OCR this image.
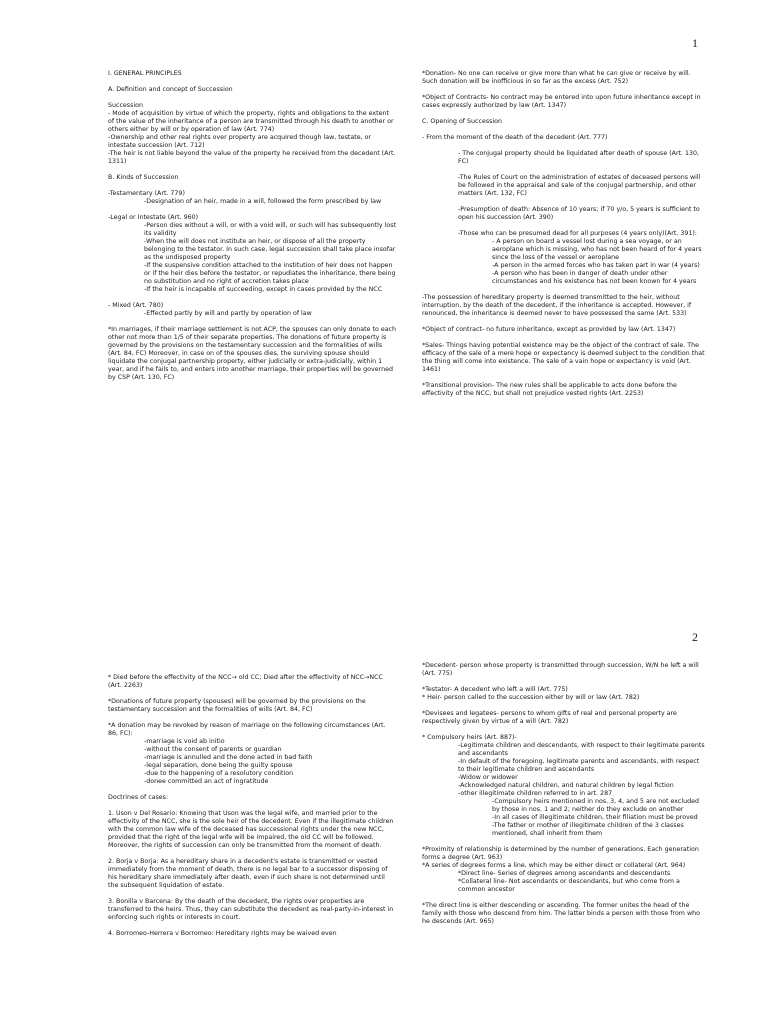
1
I. GENERAL PRINCIPLES
A. Definition and concept of Succession
Succession
- Mode of acquisition by virtue of which the property, rights and obligations to the extent of the value of the inheritance of a person are transmitted through his death to another or others either by will or by operation of law (Art. 774)
-Ownership and other real rights over property are acquired though law, testate, or intestate succession (Art. 712)
-The heir is not liable beyond the value of the property he received from the decedent (Art. 1311)
B. Kinds of Succession
-Testamentary (Art. 779)
-Designation of an heir, made in a will, followed the form prescribed by law
-Legal or Intestate (Art. 960)
-Person dies without a will, or with a void will, or such will has subsequently lost its validity
-When the will does not institute an heir, or dispose of all the property belonging to the testator. In such case, legal succession shall take place insofar as the undisposed property
-If the suspensive condition attached to the institution of heir does not happen or if the heir dies before the testator, or repudiates the inheritance, there being no substitution and no right of accretion takes place
-If the heir is incapable of succeeding, except in cases provided by the NCC
- Mixed (Art. 780)
-Effected partly by will and partly by operation of law
*In marriages, if their marriage settlement is not ACP, the spouses can only donate to each other not more than 1/5 of their separate properties. The donations of future property is governed by the provisions on the testamentary succession and the formalities of wills (Art. 84, FC) Moreover, in case on of the spouses dies, the surviving spouse should liquidate the conjugal partnership property, either judicially or extra-judicially, within 1 year, and if he fails to, and enters into another marriage, their properties will be governed by CSP (Art. 130, FC)
*Donation- No one can receive or give more than what he can give or receive by will. Such donation will be inofficious in so far as the excess (Art. 752)
*Object of Contracts- No contract may be entered into upon future inheritance except in cases expressly authorized by law (Art. 1347)
C. Opening of Succession
- From the moment of the death of the decedent (Art. 777)
- The conjugal property should be liquidated after death of spouse (Art. 130, FC)
-The Rules of Court on the administration of estates of deceased persons will be followed in the appraisal and sale of the conjugal partnership, and other matters (Art. 132, FC)
-Presumption of death: Absence of 10 years; if 70 y/o, 5 years is sufficient to open his succession (Art. 390)
-Those who can be presumed dead for all purposes (4 years only)(Art. 391):
- A person on board a vessel lost during a sea voyage, or an aeroplane which is missing, who has not been heard of for 4 years since the loss of the vessel or aeroplane
-A person in the armed forces who has taken part in war (4 years)
-A person who has been in danger of death under other circumstances and his existence has not been known for 4 years
-The possession of hereditary property is deemed transmitted to the heir, without interruption, by the death of the decedent, if the inheritance is accepted. However, if renounced, the inheritance is deemed never to have possessed the same (Art. 533)
*Object of contract- no future inheritance, except as provided by law (Art. 1347)
*Sales- Things having potential existence may be the object of the contract of sale. The efficacy of the sale of a mere hope or expectancy is deemed subject to the condition that the thing will come into existence. The sale of a vain hope or expectancy is void (Art. 1461)
*Transitional provision- The new rules shall be applicable to acts done before the effectivity of the NCC, but shall not prejudice vested rights (Art. 2253)
2
* Died before the effectivity of the NCC→ old CC; Died after the effectivity of NCC→NCC (Art. 2263)
*Donations of future property (spouses) will be governed by the provisions on the testamentary succession and the formalities of wills (Art. 84, FC)
*A donation may be revoked by reason of marriage on the following circumstances (Art. 86, FC):
-marriage is void ab initio
-without the consent of parents or guardian
-marriage is annulled and the done acted in bad faith
-legal separation, done being the guilty spouse
-due to the happening of a resolutory condition
-donee committed an act of ingratitude
Doctrines of cases:
1. Uson v Del Rosario: Knowing that Uson was the legal wife, and married prior to the effectivity of the NCC, she is the sole heir of the decedent. Even if the illegitimate children with the common law wife of the deceased has successional rights under the new NCC, provided that the right of the legal wife will be impaired, the old CC will be followed. Moreover, the rights of succession can only be transmitted from the moment of death.
2. Borja v Borja: As a hereditary share in a decedent's estate is transmitted or vested immediately from the moment of death, there is no legal bar to a successor disposing of his hereditary share immediately after death, even if such share is not determined until the subsequent liquidation of estate.
3. Bonilla v Barcena: By the death of the decedent, the rights over properties are transferred to the heirs. Thus, they can substitute the decedent as real-party-in-interest in enforcing such rights or interests in court.
4. Borromeo-Herrera v Borromeo: Hereditary rights may be waived even
*Decedent- person whose property is transmitted through succession, W/N he left a will (Art. 775)
*Testator- A decedent who left a will (Art. 775)
* Heir- person called to the succession either by will or law (Art. 782)
*Devisees and legatees- persons to whom gifts of real and personal property are respectively given by virtue of a will (Art. 782)
* Compulsory heirs (Art. 887)-
-Legitimate children and descendants, with respect to their legitimate parents and ascendants
-In default of the foregoing, legitimate parents and ascendants, with respect to their legitimate children and ascendants
-Widow or widower
-Acknowledged natural children, and natural children by legal fiction
-other illegitimate children referred to in art. 287
-Compulsory heirs mentioned in nos. 3, 4, and 5 are not excluded by those in nos. 1 and 2; neither do they exclude on another
-In all cases of illegitimate children, their filiation must be proved
-The father or mother of illegitimate children of the 3 classes mentioned, shall inherit from them
*Proximity of relationship is determined by the number of generations. Each generation forms a degree (Art. 963)
*A series of degrees forms a line, which may be either direct or collateral (Art. 964)
*Direct line- Series of degrees among ascendants and descendants
*Collateral line- Not ascendants or descendants, but who come from a common ancestor
*The direct line is either descending or ascending. The former unites the head of the family with those who descend from him. The latter binds a person with those from who he descends (Art. 965)
